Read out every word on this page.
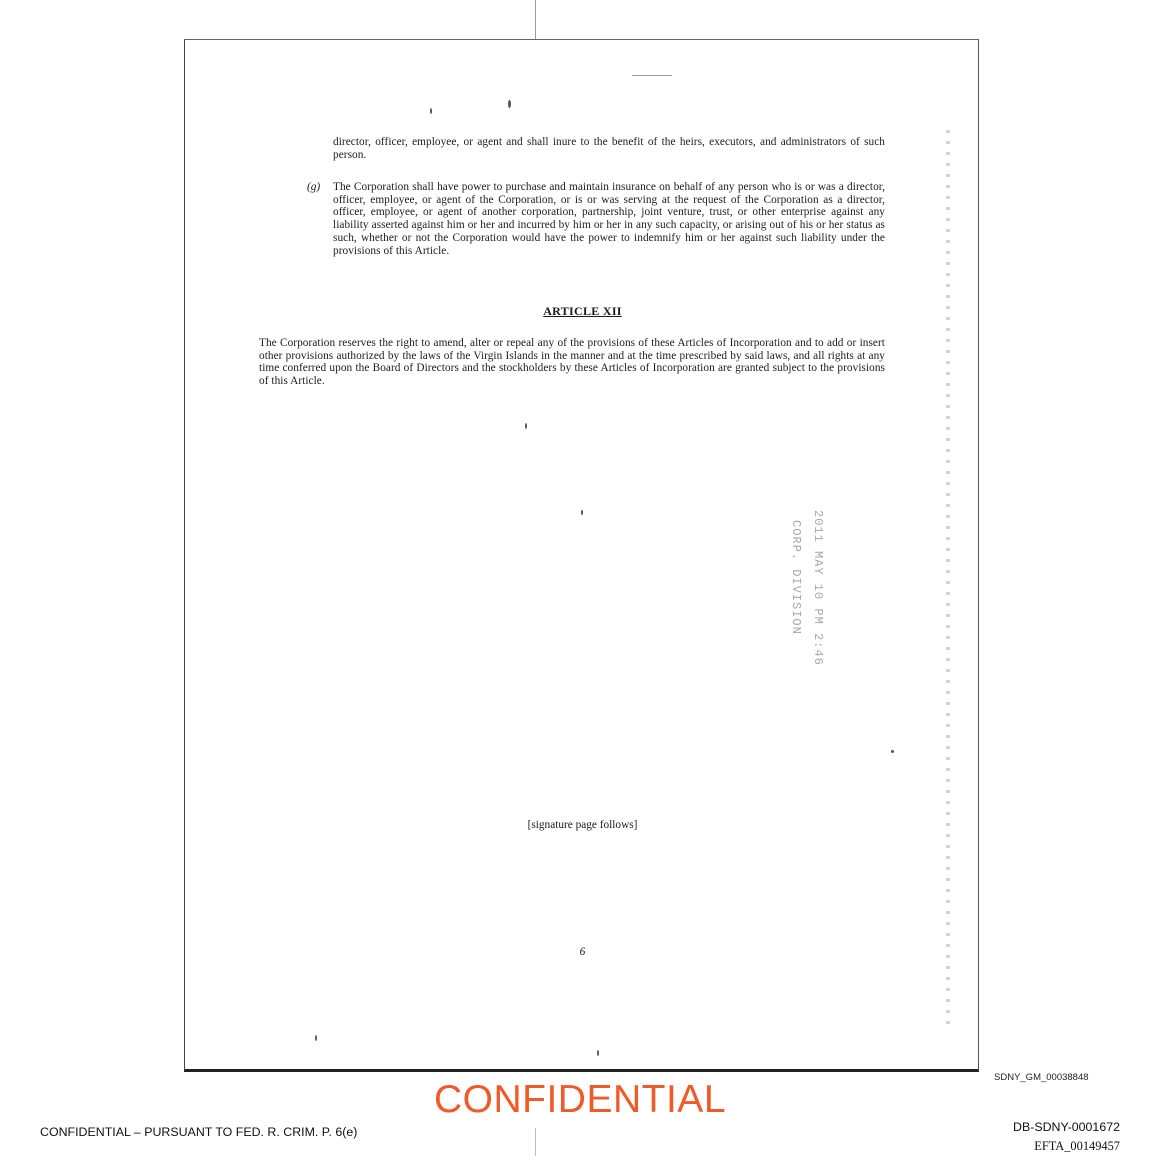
director, officer, employee, or agent and shall inure to the benefit of the heirs, executors, and administrators of such person.

(g) The Corporation shall have power to purchase and maintain insurance on behalf of any person who is or was a director, officer, employee, or agent of the Corporation, or is or was serving at the request of the Corporation as a director, officer, employee, or agent of another corporation, partnership, joint venture, trust, or other enterprise against any liability asserted against him or her and incurred by him or her in any such capacity, or arising out of his or her status as such, whether or not the Corporation would have the power to indemnify him or her against such liability under the provisions of this Article.

ARTICLE XII

The Corporation reserves the right to amend, alter or repeal any of the provisions of these Articles of Incorporation and to add or insert other provisions authorized by the laws of the Virgin Islands in the manner and at the time prescribed by said laws, and all rights at any time conferred upon the Board of Directors and the stockholders by these Articles of Incorporation are granted subject to the provisions of this Article.

2011 MAY 10 PM 2:46
CORP. DIVISION
[signature page follows]
6
SDNY_GM_00038848
CONFIDENTIAL
CONFIDENTIAL – PURSUANT TO FED. R. CRIM. P. 6(e)	DB-SDNY-0001672
EFTA_00149457
